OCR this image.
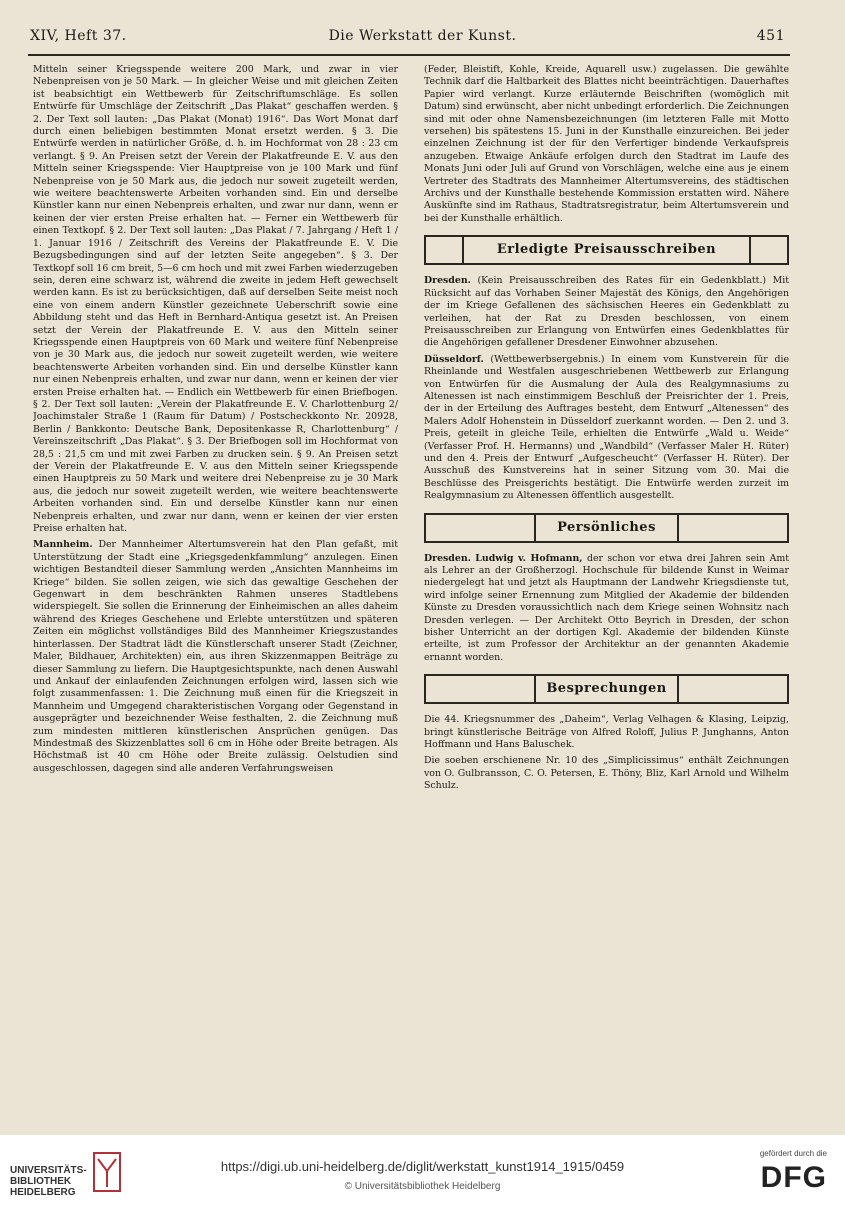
XIV, Heft 37.	Die Werkstatt der Kunst.	451

Mitteln seiner Kriegsspende weitere 200 Mark, und zwar in vier Nebenpreisen von je 50 Mark. — In gleicher Weise und mit gleichen Zeiten ist beabsichtigt ein Wettbewerb für Zeitschriftumschläge. Es sollen Entwürfe für Umschläge der Zeitschrift „Das Plakat“ geschaffen werden. § 2. Der Text soll lauten: „Das Plakat (Monat) 1916“. Das Wort Monat darf durch einen beliebigen bestimmten Monat ersetzt werden. § 3. Die Entwürfe werden in natürlicher Größe, d. h. im Hochformat von 28 : 23 cm verlangt. § 9. An Preisen setzt der Verein der Plakatfreunde E. V. aus den Mitteln seiner Kriegsspende: Vier Hauptpreise von je 100 Mark und fünf Nebenpreise von je 50 Mark aus, die jedoch nur soweit zugeteilt werden, wie weitere beachtenswerte Arbeiten vorhanden sind. Ein und derselbe Künstler kann nur einen Nebenpreis erhalten, und zwar nur dann, wenn er keinen der vier ersten Preise erhalten hat. — Ferner ein Wettbewerb für einen Textkopf. § 2. Der Text soll lauten: „Das Plakat / 7. Jahrgang / Heft 1 / 1. Januar 1916 / Zeitschrift des Vereins der Plakatfreunde E. V. Die Bezugsbedingungen sind auf der letzten Seite angegeben“. § 3. Der Textkopf soll 16 cm breit, 5—6 cm hoch und mit zwei Farben wiederzugeben sein, deren eine schwarz ist, während die zweite in jedem Heft gewechselt werden kann. Es ist zu berücksichtigen, daß auf derselben Seite meist noch eine von einem andern Künstler gezeichnete Ueberschrift sowie eine Abbildung steht und das Heft in Bernhard-Antiqua gesetzt ist. An Preisen setzt der Verein der Plakatfreunde E. V. aus den Mitteln seiner Kriegsspende einen Hauptpreis von 60 Mark und weitere fünf Nebenpreise von je 30 Mark aus, die jedoch nur soweit zugeteilt werden, wie weitere beachtenswerte Arbeiten vorhanden sind. Ein und derselbe Künstler kann nur einen Nebenpreis erhalten, und zwar nur dann, wenn er keinen der vier ersten Preise erhalten hat. — Endlich ein Wettbewerb für einen Briefbogen. § 2. Der Text soll lauten: „Verein der Plakatfreunde E. V. Charlottenburg 2/ Joachimstaler Straße 1 (Raum für Datum) / Postscheckkonto Nr. 20928, Berlin / Bankkonto: Deutsche Bank, Depositenkasse R, Charlottenburg“ / Vereinszeitschrift „Das Plakat“. § 3. Der Briefbogen soll im Hochformat von 28,5 : 21,5 cm und mit zwei Farben zu drucken sein. § 9. An Preisen setzt der Verein der Plakatfreunde E. V. aus den Mitteln seiner Kriegsspende einen Hauptpreis zu 50 Mark und weitere drei Nebenpreise zu je 30 Mark aus, die jedoch nur soweit zugeteilt werden, wie weitere beachtenswerte Arbeiten vorhanden sind. Ein und derselbe Künstler kann nur einen Nebenpreis erhalten, und zwar nur dann, wenn er keinen der vier ersten Preise erhalten hat.

Mannheim. Der Mannheimer Altertumsverein hat den Plan gefaßt, mit Unterstützung der Stadt eine „Kriegsgedenkfammlung“ anzulegen. Einen wichtigen Bestandteil dieser Sammlung werden „Ansichten Mannheims im Kriege“ bilden. Sie sollen zeigen, wie sich das gewaltige Geschehen der Gegenwart in dem beschränkten Rahmen unseres Stadtlebens widerspiegelt. Sie sollen die Erinnerung der Einheimischen an alles daheim während des Krieges Geschehene und Erlebte unterstützen und späteren Zeiten ein möglichst vollständiges Bild des Mannheimer Kriegszustandes hinterlassen. Der Stadtrat lädt die Künstlerschaft unserer Stadt (Zeichner, Maler, Bildhauer, Architekten) ein, aus ihren Skizzenmappen Beiträge zu dieser Sammlung zu liefern. Die Hauptgesichtspunkte, nach denen Auswahl und Ankauf der einlaufenden Zeichnungen erfolgen wird, lassen sich wie folgt zusammenfassen: 1. Die Zeichnung muß einen für die Kriegszeit in Mannheim und Umgegend charakteristischen Vorgang oder Gegenstand in ausgeprägter und bezeichnender Weise festhalten, 2. die Zeichnung muß zum mindesten mittleren künstlerischen Ansprüchen genügen. Das Mindestmaß des Skizzenblattes soll 6 cm in Höhe oder Breite betragen. Als Höchstmaß ist 40 cm Höhe oder Breite zulässig. Oelstudien sind ausgeschlossen, dagegen sind alle anderen Verfahrungsweisen

(Feder, Bleistift, Kohle, Kreide, Aquarell usw.) zugelassen. Die gewählte Technik darf die Haltbarkeit des Blattes nicht beeinträchtigen. Dauerhaftes Papier wird verlangt. Kurze erläuternde Beischriften (womöglich mit Datum) sind erwünscht, aber nicht unbedingt erforderlich. Die Zeichnungen sind mit oder ohne Namensbezeichnungen (im letzteren Falle mit Motto versehen) bis spätestens 15. Juni in der Kunsthalle einzureichen. Bei jeder einzelnen Zeichnung ist der für den Verfertiger bindende Verkaufspreis anzugeben. Etwaige Ankäufe erfolgen durch den Stadtrat im Laufe des Monats Juni oder Juli auf Grund von Vorschlägen, welche eine aus je einem Vertreter des Stadtrats des Mannheimer Altertumsvereins, des städtischen Archivs und der Kunsthalle bestehende Kommission erstatten wird. Nähere Auskünfte sind im Rathaus, Stadtratsregistratur, beim Altertumsverein und bei der Kunsthalle erhältlich.

Erledigte Preisausschreiben

Dresden. (Kein Preisausschreiben des Rates für ein Gedenkblatt.) Mit Rücksicht auf das Vorhaben Seiner Majestät des Königs, den Angehörigen der im Kriege Gefallenen des sächsischen Heeres ein Gedenkblatt zu verleihen, hat der Rat zu Dresden beschlossen, von einem Preisausschreiben zur Erlangung von Entwürfen eines Gedenkblattes für die Angehörigen gefallener Dresdener Einwohner abzusehen.

Düsseldorf. (Wettbewerbsergebnis.) In einem vom Kunstverein für die Rheinlande und Westfalen ausgeschriebenen Wettbewerb zur Erlangung von Entwürfen für die Ausmalung der Aula des Realgymnasiums zu Altenessen ist nach einstimmigem Beschluß der Preisrichter der 1. Preis, der in der Erteilung des Auftrages besteht, dem Entwurf „Altenessen“ des Malers Adolf Hohenstein in Düsseldorf zuerkannt worden. — Den 2. und 3. Preis, geteilt in gleiche Teile, erhielten die Entwürfe „Wald u. Weide“ (Verfasser Prof. H. Hermanns) und „Wandbild“ (Verfasser Maler H. Rüter) und den 4. Preis der Entwurf „Aufgescheucht“ (Verfasser H. Rüter). Der Ausschuß des Kunstvereins hat in seiner Sitzung vom 30. Mai die Beschlüsse des Preisgerichts bestätigt. Die Entwürfe werden zurzeit im Realgymnasium zu Altenessen öffentlich ausgestellt.

Persönliches

Dresden. Ludwig v. Hofmann, der schon vor etwa drei Jahren sein Amt als Lehrer an der Großherzogl. Hochschule für bildende Kunst in Weimar niedergelegt hat und jetzt als Hauptmann der Landwehr Kriegsdienste tut, wird infolge seiner Ernennung zum Mitglied der Akademie der bildenden Künste zu Dresden voraussichtlich nach dem Kriege seinen Wohnsitz nach Dresden verlegen. — Der Architekt Otto Beyrich in Dresden, der schon bisher Unterricht an der dortigen Kgl. Akademie der bildenden Künste erteilte, ist zum Professor der Architektur an der genannten Akademie ernannt worden.

Besprechungen

Die 44. Kriegsnummer des „Daheim“, Verlag Velhagen & Klasing, Leipzig, bringt künstlerische Beiträge von Alfred Roloff, Julius P. Junghanns, Anton Hoffmann und Hans Baluschek.

Die soeben erschienene Nr. 10 des „Simplicissimus“ enthält Zeichnungen von O. Gulbransson, C. O. Petersen, E. Thöny, Bliz, Karl Arnold und Wilhelm Schulz.

UNIVERSITÄTS-
BIBLIOTHEK
HEIDELBERG
https://digi.ub.uni-heidelberg.de/diglit/werkstatt_kunst1914_1915/0459
© Universitätsbibliothek Heidelberg
gefördert durch die
DFG
